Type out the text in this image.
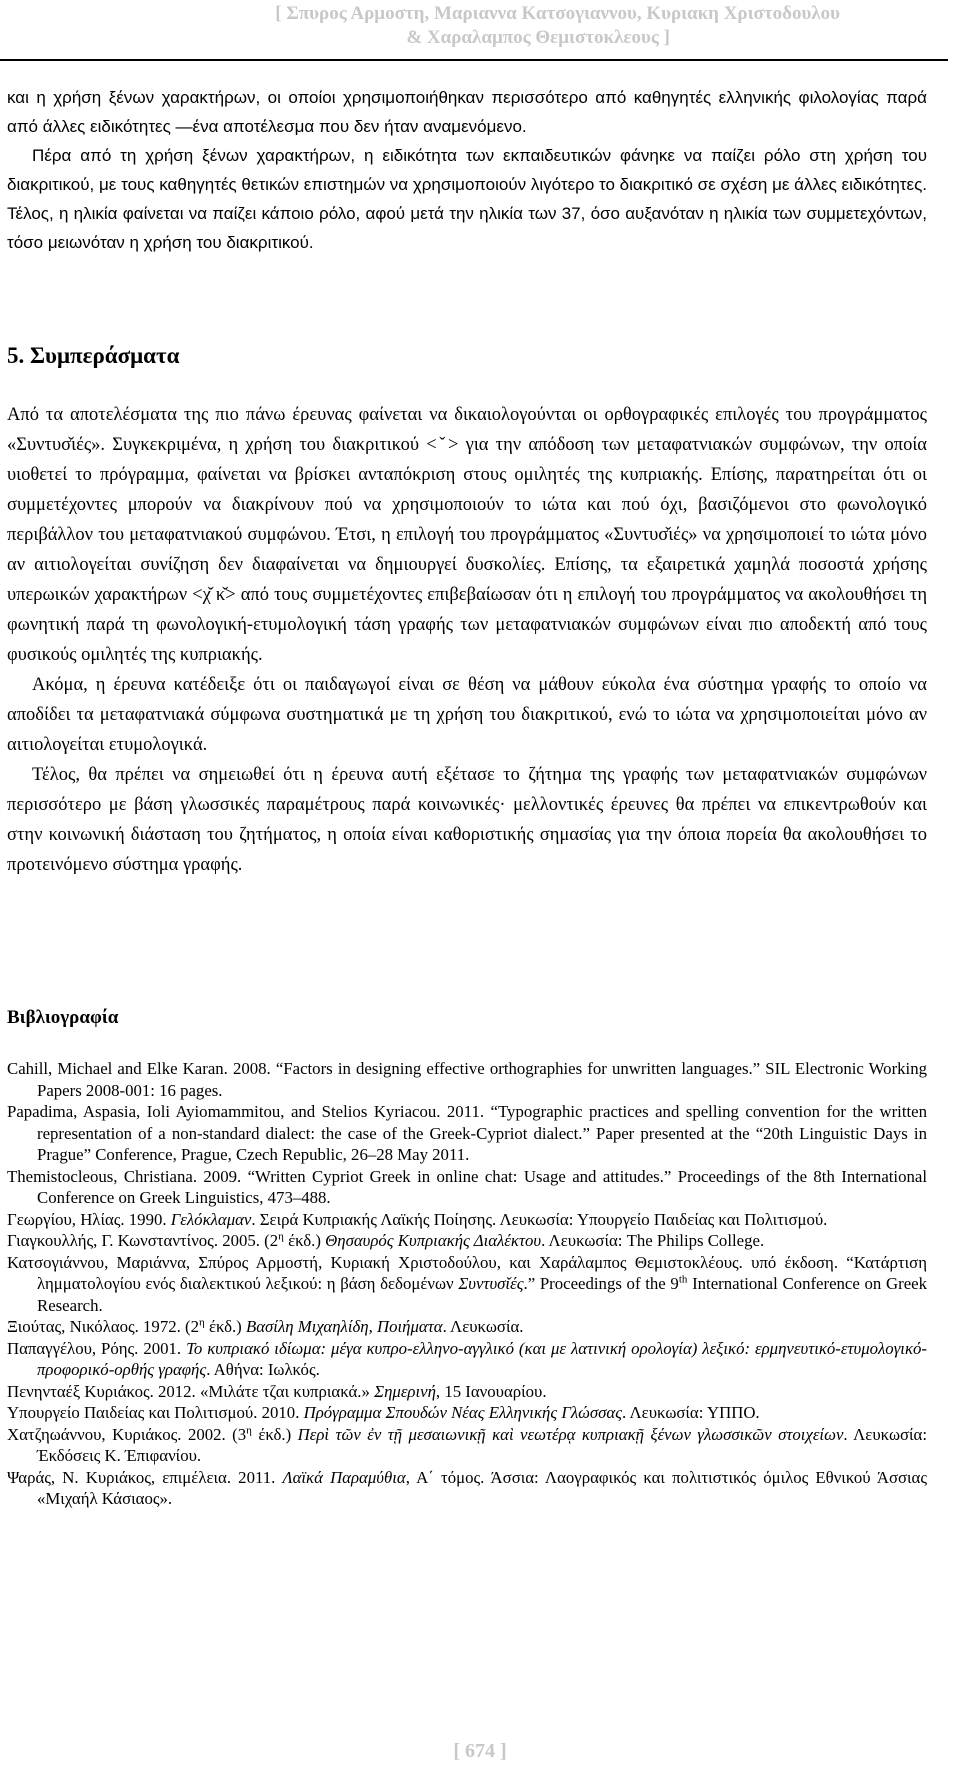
[ Σπυρος Αρμοστη, Μαριαννα Κατσογιαννου, Κυριακη Χριστοδουλου
& Χαραλαμπος Θεμιστοκλεους ]

και η χρήση ξένων χαρακτήρων, οι οποίοι χρησιμοποιήθηκαν περισσότερο από καθηγητές ελληνικής φιλολογίας παρά από άλλες ειδικότητες —ένα αποτέλεσμα που δεν ήταν αναμενόμενο.

Πέρα από τη χρήση ξένων χαρακτήρων, η ειδικότητα των εκπαιδευτικών φάνηκε να παίζει ρόλο στη χρήση του διακριτικού, με τους καθηγητές θετικών επιστημών να χρησιμοποιούν λιγότερο το διακριτικό σε σχέση με άλλες ειδικότητες. Τέλος, η ηλικία φαίνεται να παίζει κάποιο ρόλο, αφού μετά την ηλικία των 37, όσο αυξανόταν η ηλικία των συμμετεχόντων, τόσο μειωνόταν η χρήση του διακριτικού.

5. Συμπεράσματα

Από τα αποτελέσματα της πιο πάνω έρευνας φαίνεται να δικαιολογούνται οι ορθογραφικές επιλογές του προγράμματος «Συντυσ̌ιές». Συγκεκριμένα, η χρήση του διακριτικού <ˇ> για την απόδοση των μεταφατνιακών συμφώνων, την οποία υιοθετεί το πρόγραμμα, φαίνεται να βρίσκει ανταπόκριση στους ομιλητές της κυπριακής. Επίσης, παρατηρείται ότι οι συμμετέχοντες μπορούν να διακρίνουν πού να χρησιμοποιούν το ιώτα και πού όχι, βασιζόμενοι στο φωνολογικό περιβάλλον του μεταφατνιακού συμφώνου. Έτσι, η επιλογή του προγράμματος «Συντυσ̌ιές» να χρησιμοποιεί το ιώτα μόνο αν αιτιολογείται συνίζηση δεν διαφαίνεται να δημιουργεί δυσκολίες. Επίσης, τα εξαιρετικά χαμηλά ποσοστά χρήσης υπερωικών χαρακτήρων <χ̌ κ̌> από τους συμμετέχοντες επιβεβαίωσαν ότι η επιλογή του προγράμματος να ακολουθήσει τη φωνητική παρά τη φωνολογική-ετυμολογική τάση γραφής των μεταφατνιακών συμφώνων είναι πιο αποδεκτή από τους φυσικούς ομιλητές της κυπριακής.

Ακόμα, η έρευνα κατέδειξε ότι οι παιδαγωγοί είναι σε θέση να μάθουν εύκολα ένα σύστημα γραφής το οποίο να αποδίδει τα μεταφατνιακά σύμφωνα συστηματικά με τη χρήση του διακριτικού, ενώ το ιώτα να χρησιμοποιείται μόνο αν αιτιολογείται ετυμολογικά.

Τέλος, θα πρέπει να σημειωθεί ότι η έρευνα αυτή εξέτασε το ζήτημα της γραφής των μεταφατνιακών συμφώνων περισσότερο με βάση γλωσσικές παραμέτρους παρά κοινωνικές· μελλοντικές έρευνες θα πρέπει να επικεντρωθούν και στην κοινωνική διάσταση του ζητήματος, η οποία είναι καθοριστικής σημασίας για την όποια πορεία θα ακολουθήσει το προτεινόμενο σύστημα γραφής.

Βιβλιογραφία

Cahill, Michael and Elke Karan. 2008. “Factors in designing effective orthographies for unwritten languages.” SIL Electronic Working Papers 2008-001: 16 pages.

Papadima, Aspasia, Ioli Ayiomammitou, and Stelios Kyriacou. 2011. “Typographic practices and spelling convention for the written representation of a non-standard dialect: the case of the Greek-Cypriot dialect.” Paper presented at the “20th Linguistic Days in Prague” Conference, Prague, Czech Republic, 26–28 May 2011.

Themistocleous, Christiana. 2009. “Written Cypriot Greek in online chat: Usage and attitudes.” Proceedings of the 8th International Conference on Greek Linguistics, 473–488.

Γεωργίου, Ηλίας. 1990. Γελόκλαμαν. Σειρά Κυπριακής Λαϊκής Ποίησης. Λευκωσία: Υπουργείο Παιδείας και Πολιτισμού.

Γιαγκουλλής, Γ. Κωνσταντίνος. 2005. ($2^\eta$ έκδ.) Θησαυρός Κυπριακής Διαλέκτου. Λευκωσία: The Philips College.

Κατσογιάννου, Μαριάννα, Σπύρος Αρμοστή, Κυριακή Χριστοδούλου, και Χαράλαμπος Θεμιστοκλέους. υπό έκδοση. “Κατάρτιση λημματολογίου ενός διαλεκτικού λεξικού: η βάση δεδομένων Συντυσ̌ιές.” Proceedings of the 9th International Conference on Greek Research.

Ξιούτας, Νικόλαος. 1972. ($2^\eta$ έκδ.) Βασίλη Μιχαηλίδη, Ποιήματα. Λευκωσία.

Παπαγγέλου, Ρόης. 2001. Το κυπριακό ιδίωμα: μέγα κυπρο-ελληνο-αγγλικό (και με λατινική ορολογία) λεξικό: ερμηνευτικό-ετυμολογικό-προφορικό-ορθής γραφής. Αθήνα: Ιωλκός.

Πενηνταέξ Κυριάκος. 2012. «Μιλάτε τζαι κυπριακά.» Σημερινή, 15 Ιανουαρίου.

Υπουργείο Παιδείας και Πολιτισμού. 2010. Πρόγραμμα Σπουδών Νέας Ελληνικής Γλώσσας. Λευκωσία: ΥΠΠΟ.

Χατζηωάννου, Κυριάκος. 2002. ($3^\eta$ έκδ.) Περὶ τῶν ἐν τῇ μεσαιωνικῇ καὶ νεωτέρᾳ κυπριακῇ ξένων γλωσσικῶν στοιχείων. Λευκωσία: Έκδόσεις Κ. Έπιφανίου.

Ψαράς, Ν. Κυριάκος, επιμέλεια. 2011. Λαϊκά Παραμύθια, Α΄ τόμος. Άσσια: Λαογραφικός και πολιτιστικός όμιλος Εθνικού Άσσιας «Μιχαήλ Κάσιαος».

[ 674 ]
